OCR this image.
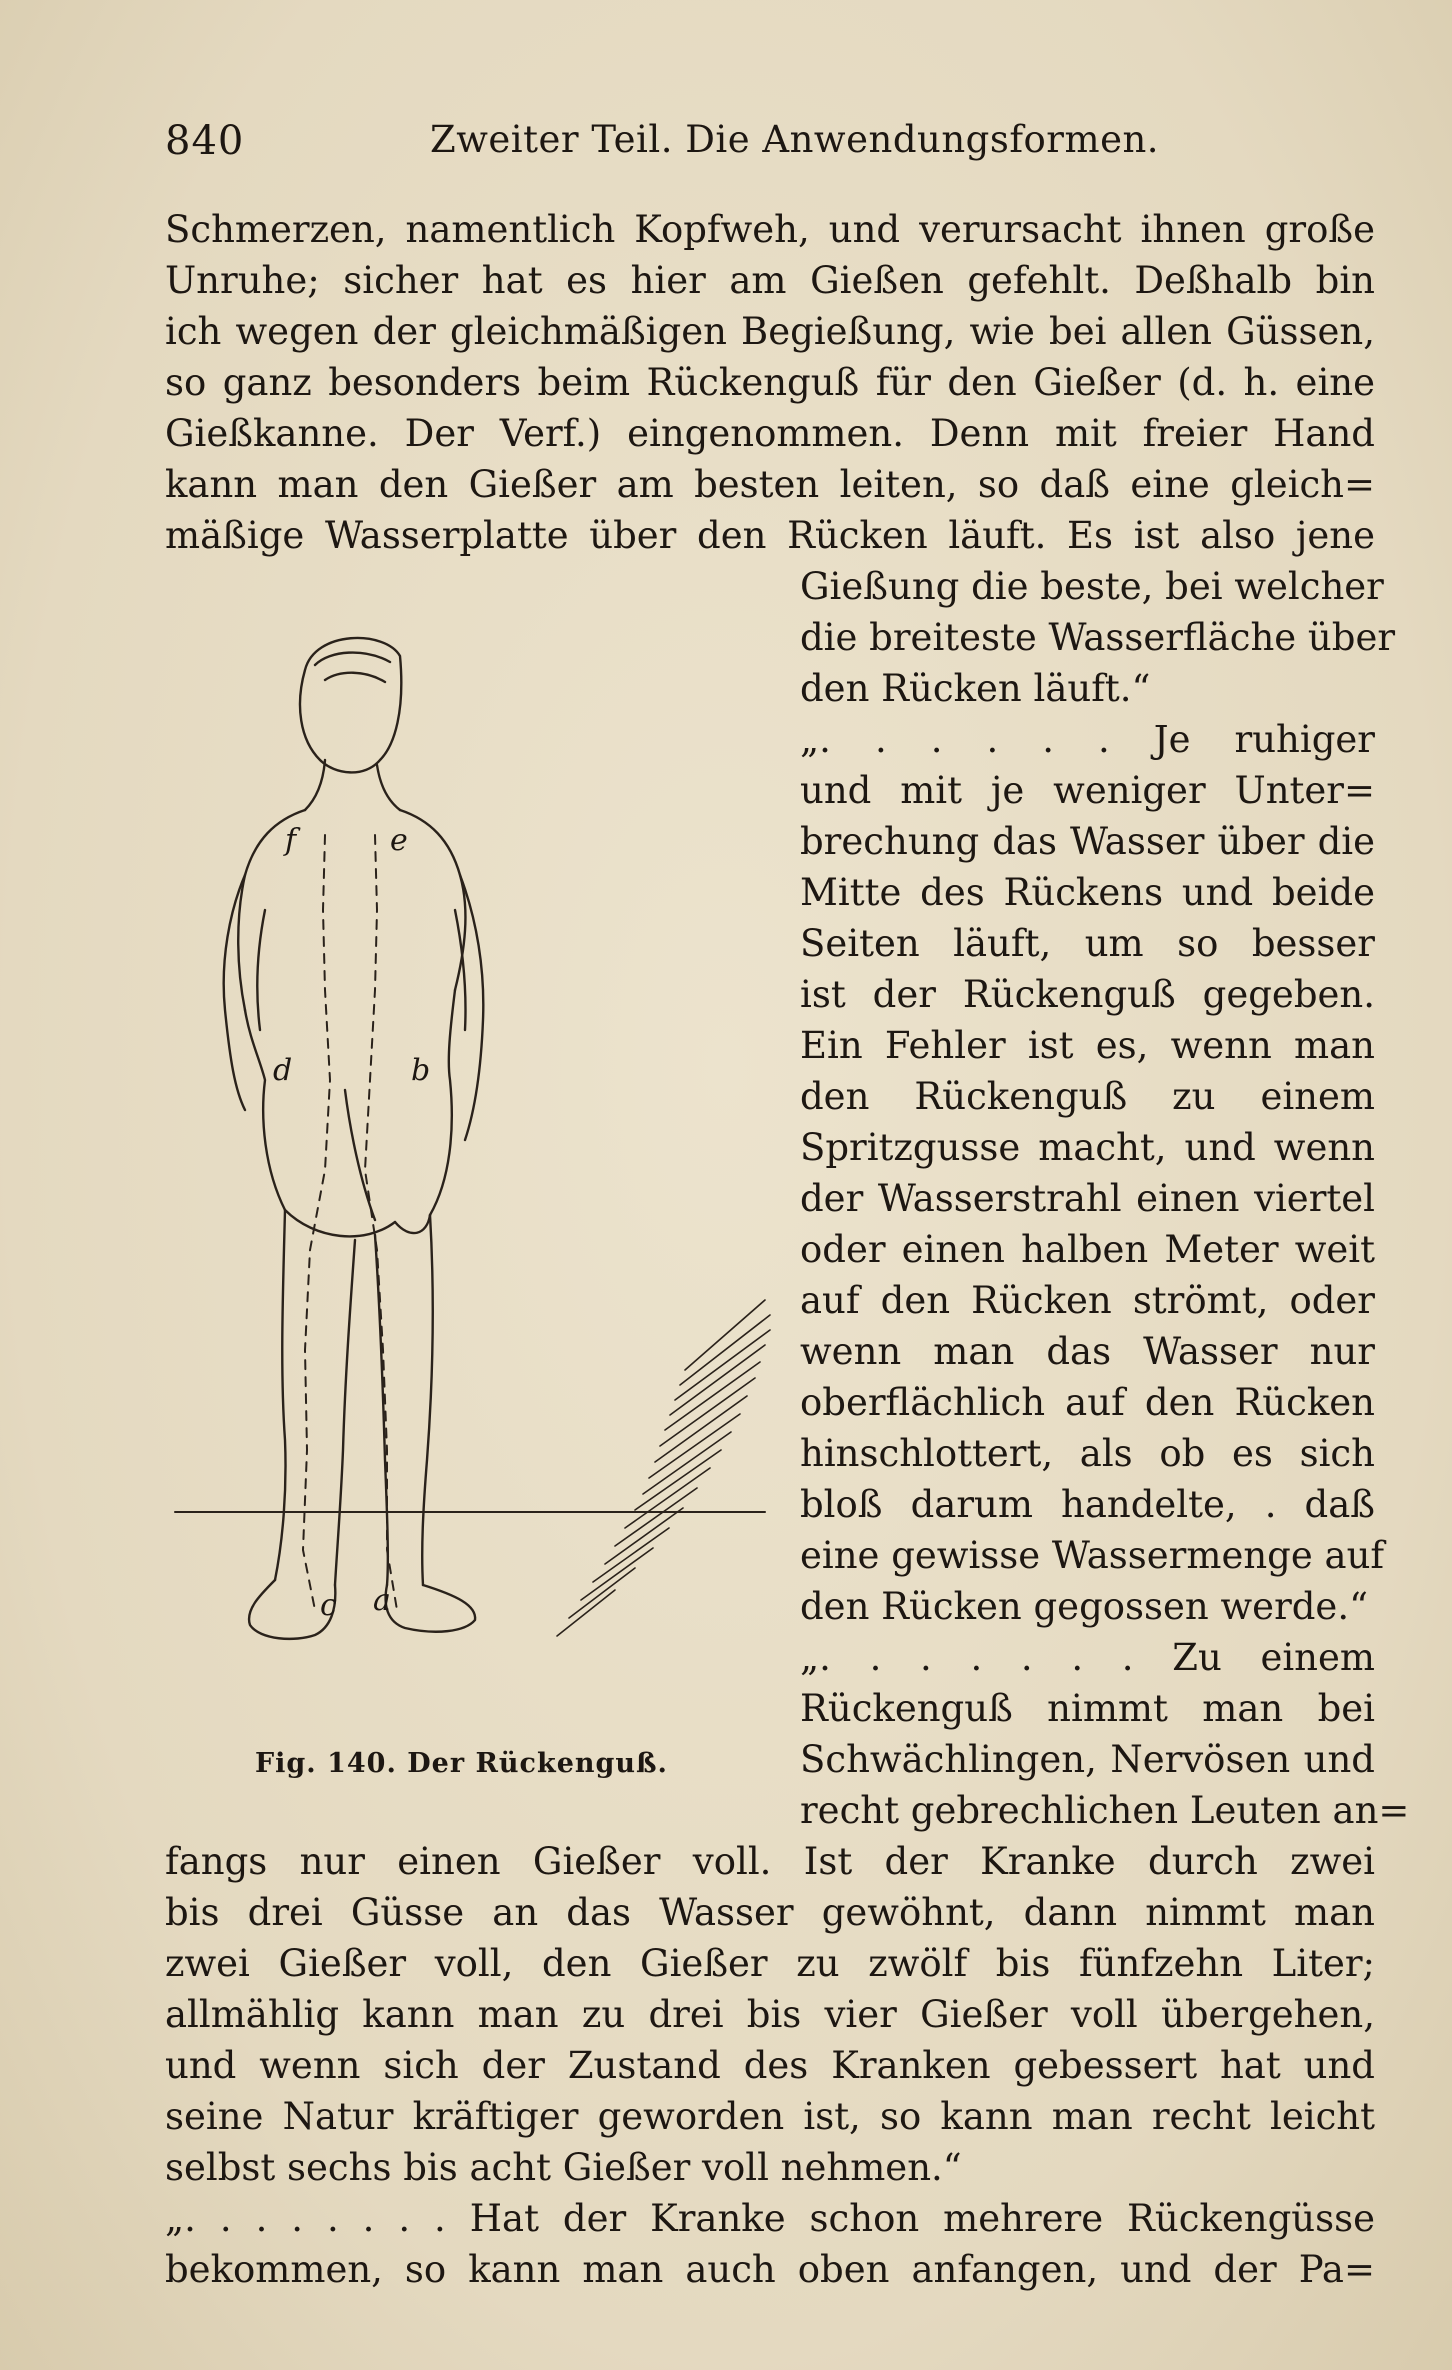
840	Zweiter Teil. Die Anwendungsformen.
Schmerzen, namentlich Kopfweh, und verursacht ihnen große
Unruhe; sicher hat es hier am Gießen gefehlt. Deßhalb bin
ich wegen der gleichmäßigen Begießung, wie bei allen Güssen,
so ganz besonders beim Rückenguß für den Gießer (d. h. eine
Gießkanne. Der Verf.) eingenommen. Denn mit freier Hand
kann man den Gießer am besten leiten, so daß eine gleich=
mäßige Wasserplatte über den Rücken läuft. Es ist also jene
Gießung die beste, bei welcher
die breiteste Wasserfläche über
den Rücken läuft.“
„. . . . . . Je ruhiger
und mit je weniger Unter=
brechung das Wasser über die
Mitte des Rückens und beide
Seiten läuft, um so besser
ist der Rückenguß gegeben.
Ein Fehler ist es, wenn man
den Rückenguß zu einem
Spritzgusse macht, und wenn
der Wasserstrahl einen viertel
oder einen halben Meter weit
auf den Rücken strömt, oder
wenn man das Wasser nur
oberflächlich auf den Rücken
hinschlottert, als ob es sich
bloß darum handelte, . daß
eine gewisse Wassermenge auf
den Rücken gegossen werde.“
„. . . . . . . Zu einem
Rückenguß nimmt man bei
Schwächlingen, Nervösen und
recht gebrechlichen Leuten an=
fangs nur einen Gießer voll. Ist der Kranke durch zwei
bis drei Güsse an das Wasser gewöhnt, dann nimmt man
zwei Gießer voll, den Gießer zu zwölf bis fünfzehn Liter;
allmählig kann man zu drei bis vier Gießer voll übergehen,
und wenn sich der Zustand des Kranken gebessert hat und
seine Natur kräftiger geworden ist, so kann man recht leicht
selbst sechs bis acht Gießer voll nehmen.“
„. . . . . . . . Hat der Kranke schon mehrere Rückengüsse
bekommen, so kann man auch oben anfangen, und der Pa=
f	e
d	b
c a
Fig. 140. Der Rückenguß.
